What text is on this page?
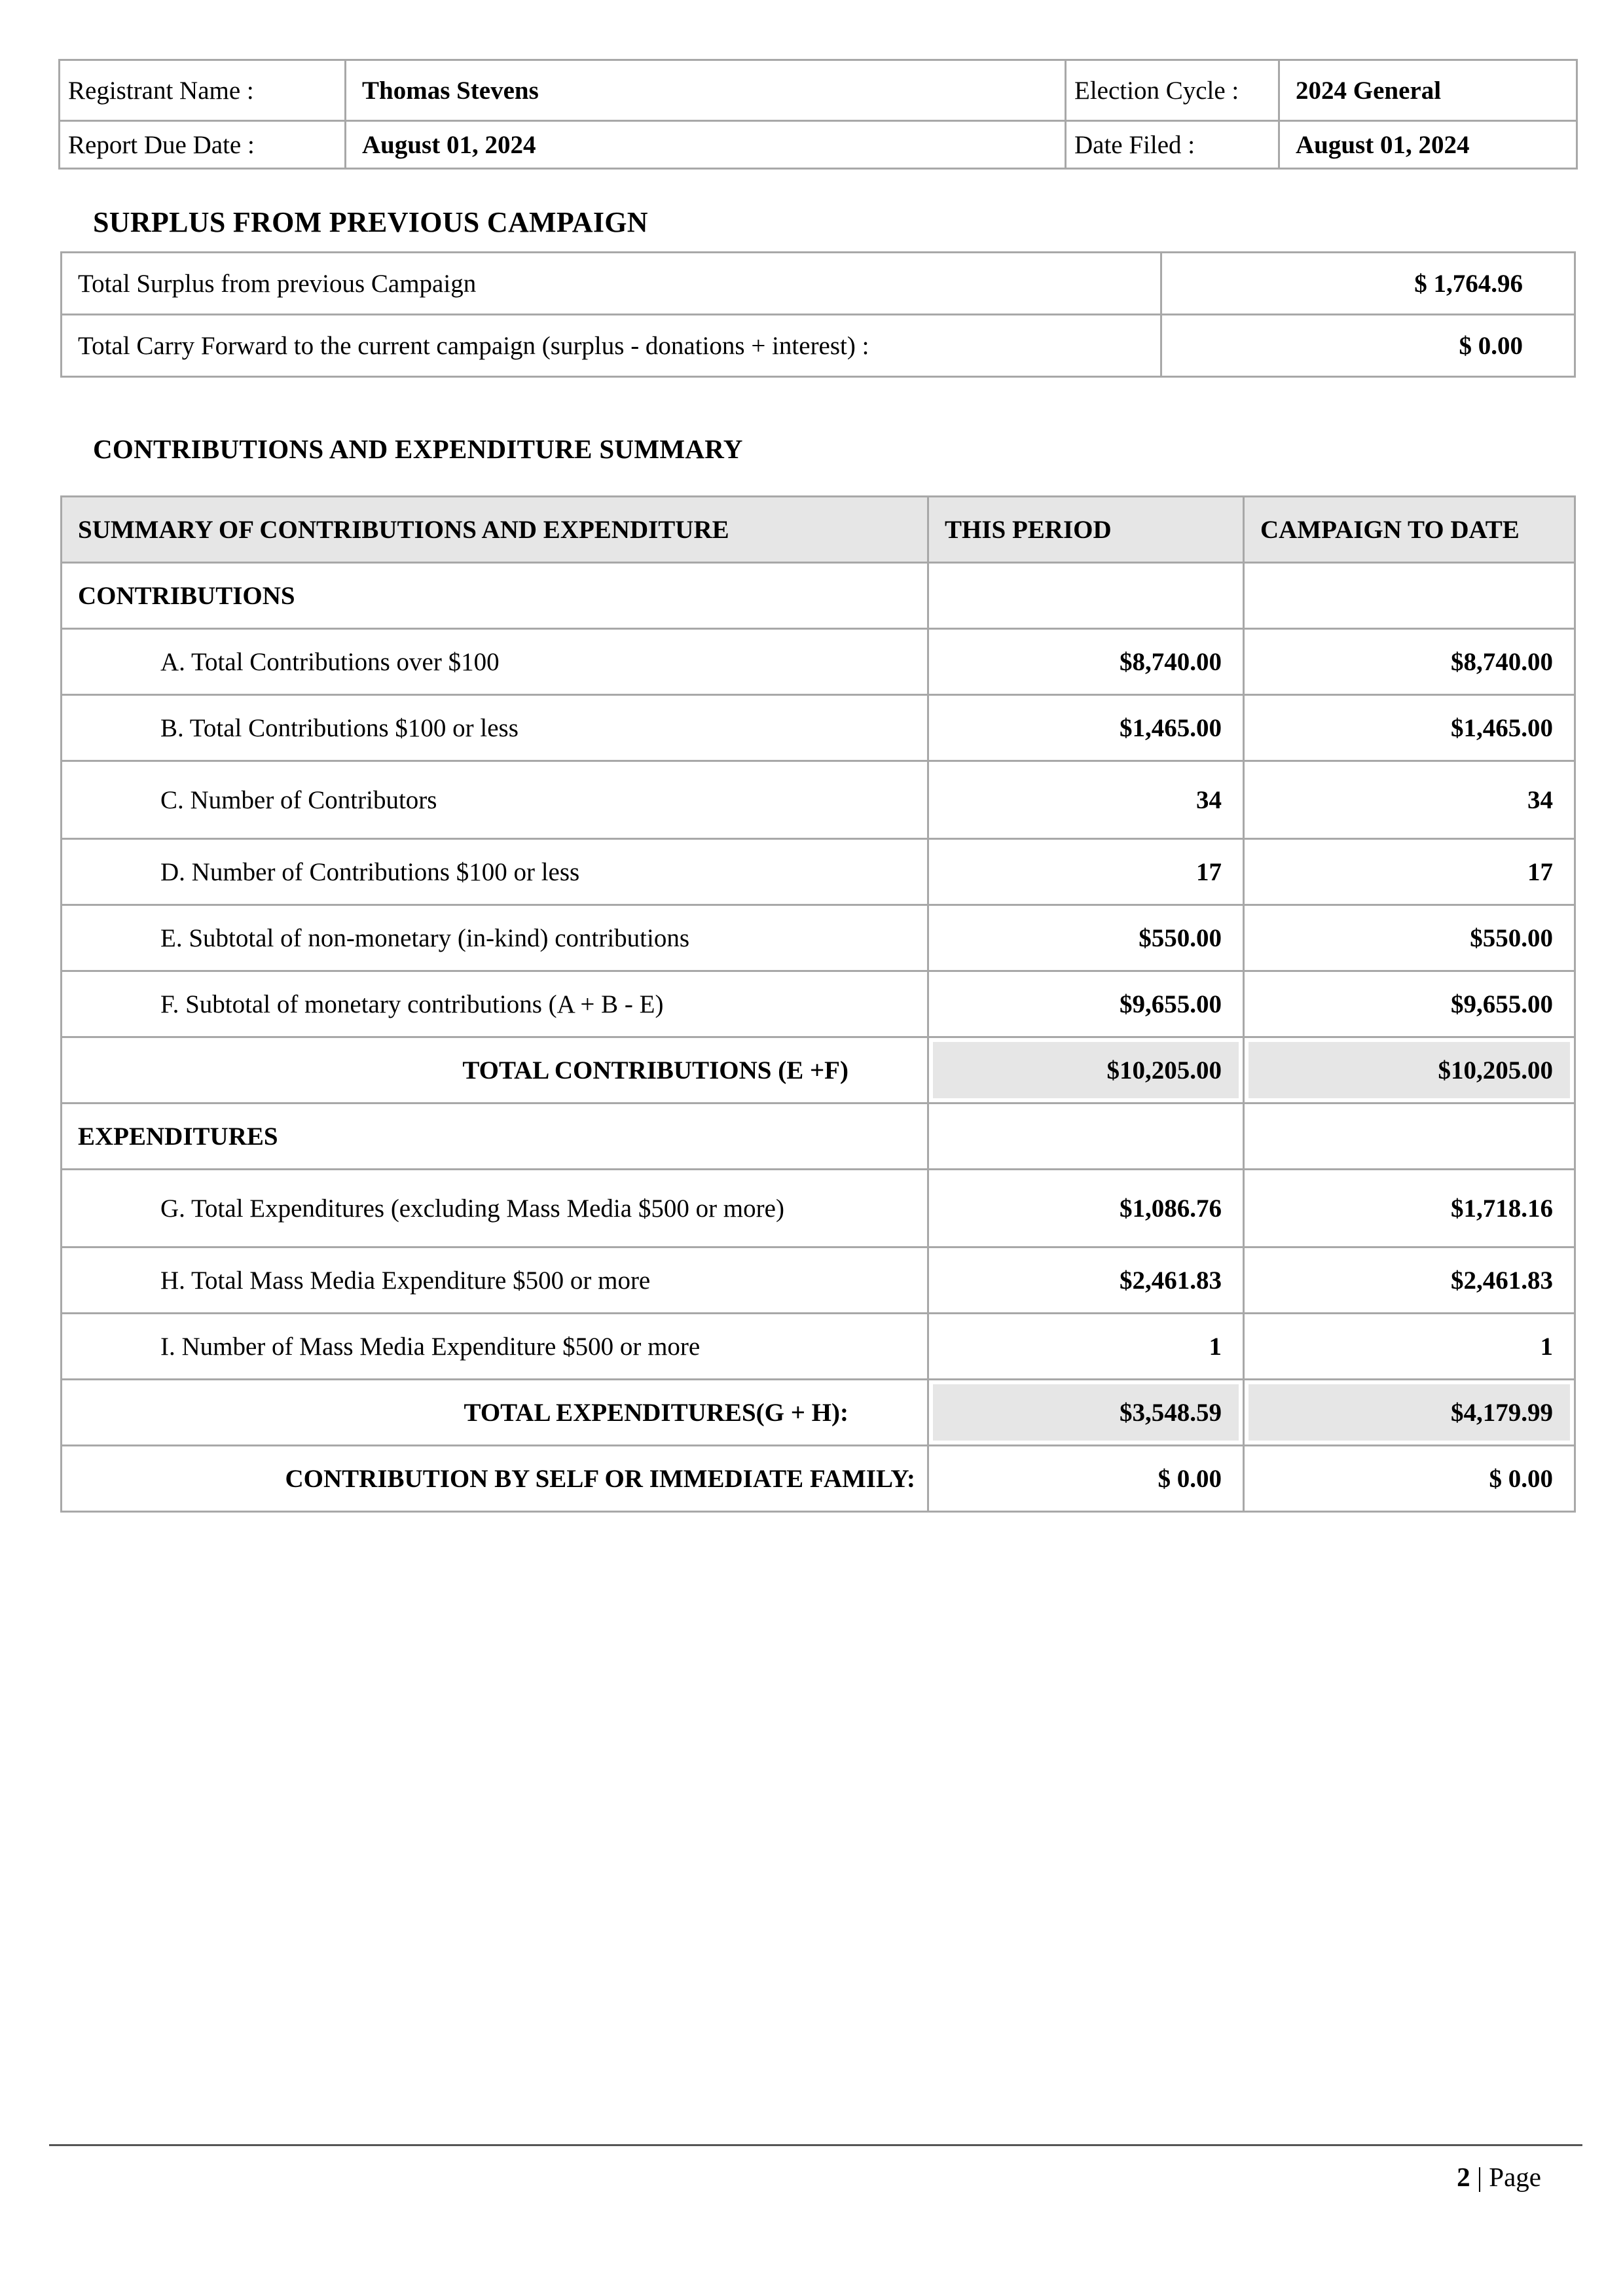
Registrant Name :	Thomas Stevens	Election Cycle :	2024 General
Report Due Date :	August 01, 2024	Date Filed :	August 01, 2024
SURPLUS FROM PREVIOUS CAMPAIGN
Total Surplus from previous Campaign	$ 1,764.96
Total Carry Forward to the current campaign (surplus - donations + interest) :	$ 0.00
CONTRIBUTIONS AND EXPENDITURE SUMMARY
SUMMARY OF CONTRIBUTIONS AND EXPENDITURE	THIS PERIOD	CAMPAIGN TO DATE
CONTRIBUTIONS		
A. Total Contributions over $100	$8,740.00	$8,740.00
B. Total Contributions $100 or less	$1,465.00	$1,465.00
C. Number of Contributors	34	34
D. Number of Contributions $100 or less	17	17
E. Subtotal of non-monetary (in-kind) contributions	$550.00	$550.00
F. Subtotal of monetary contributions (A + B - E)	$9,655.00	$9,655.00
TOTAL CONTRIBUTIONS (E +F)	$10,205.00	$10,205.00
EXPENDITURES		
G. Total Expenditures (excluding Mass Media $500 or more)	$1,086.76	$1,718.16
H. Total Mass Media Expenditure $500 or more	$2,461.83	$2,461.83
I. Number of Mass Media Expenditure $500 or more	1	1
TOTAL EXPENDITURES(G + H):	$3,548.59	$4,179.99
CONTRIBUTION BY SELF OR IMMEDIATE FAMILY:	$ 0.00	$ 0.00
2 | Page
